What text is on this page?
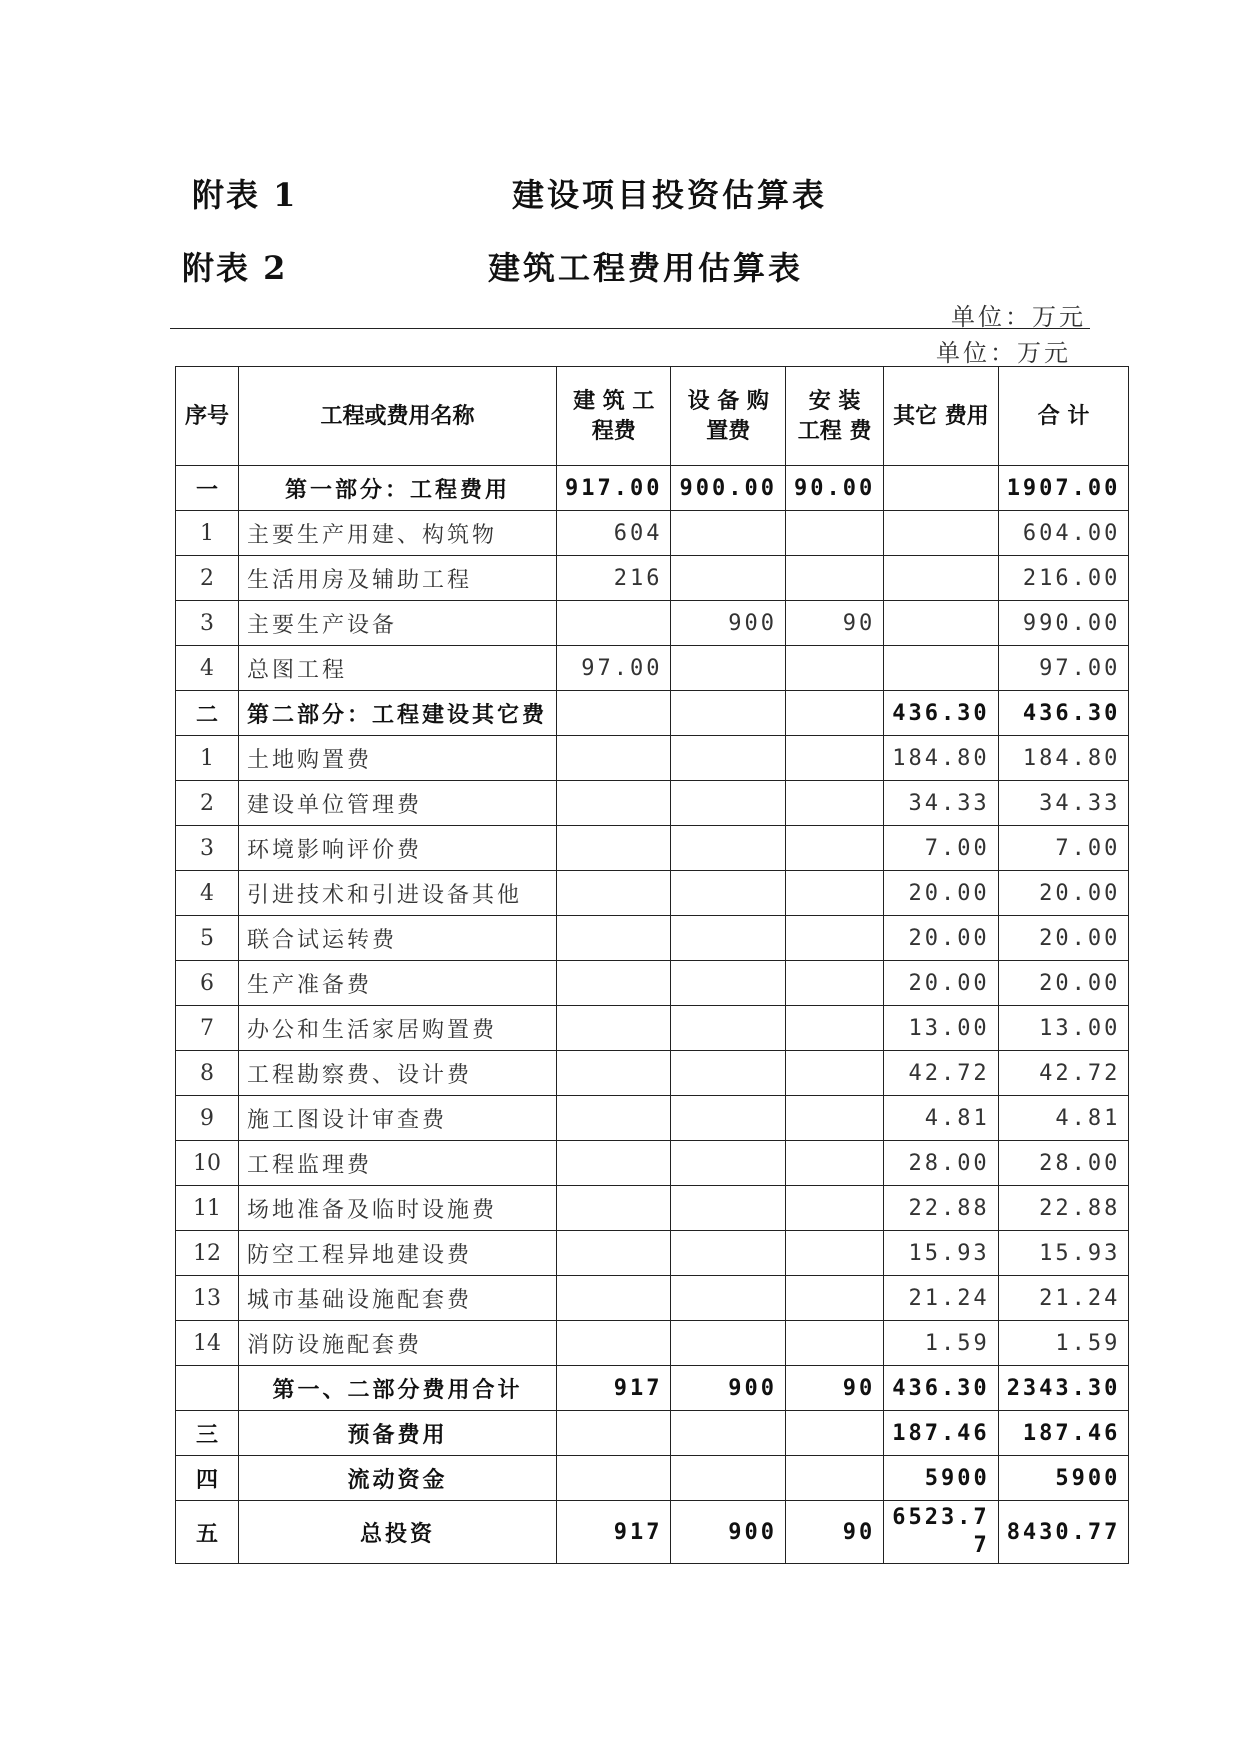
附表 1	建设项目投资估算表
附表 2	建筑工程费用估算表
单位：万元
单位：万元
序号	工程或费用名称	建 筑 工程费	设 备 购置费	安 装 工程 费	其它 费用	合 计
一	第一部分：工程费用	917.00	900.00	90.00		1907.00
1	主要生产用建、构筑物	604				604.00
2	生活用房及辅助工程	216				216.00
3	主要生产设备		900	90		990.00
4	总图工程	97.00				97.00
二	第二部分：工程建设其它费				436.30	436.30
1	土地购置费				184.80	184.80
2	建设单位管理费				34.33	34.33
3	环境影响评价费				7.00	7.00
4	引进技术和引进设备其他				20.00	20.00
5	联合试运转费				20.00	20.00
6	生产准备费				20.00	20.00
7	办公和生活家居购置费				13.00	13.00
8	工程勘察费、设计费				42.72	42.72
9	施工图设计审查费				4.81	4.81
10	工程监理费				28.00	28.00
11	场地准备及临时设施费				22.88	22.88
12	防空工程异地建设费				15.93	15.93
13	城市基础设施配套费				21.24	21.24
14	消防设施配套费				1.59	1.59
	第一、二部分费用合计	917	900	90	436.30	2343.30
三	预备费用				187.46	187.46
四	流动资金				5900	5900
五	总投资	917	900	90	6523.77	8430.77
